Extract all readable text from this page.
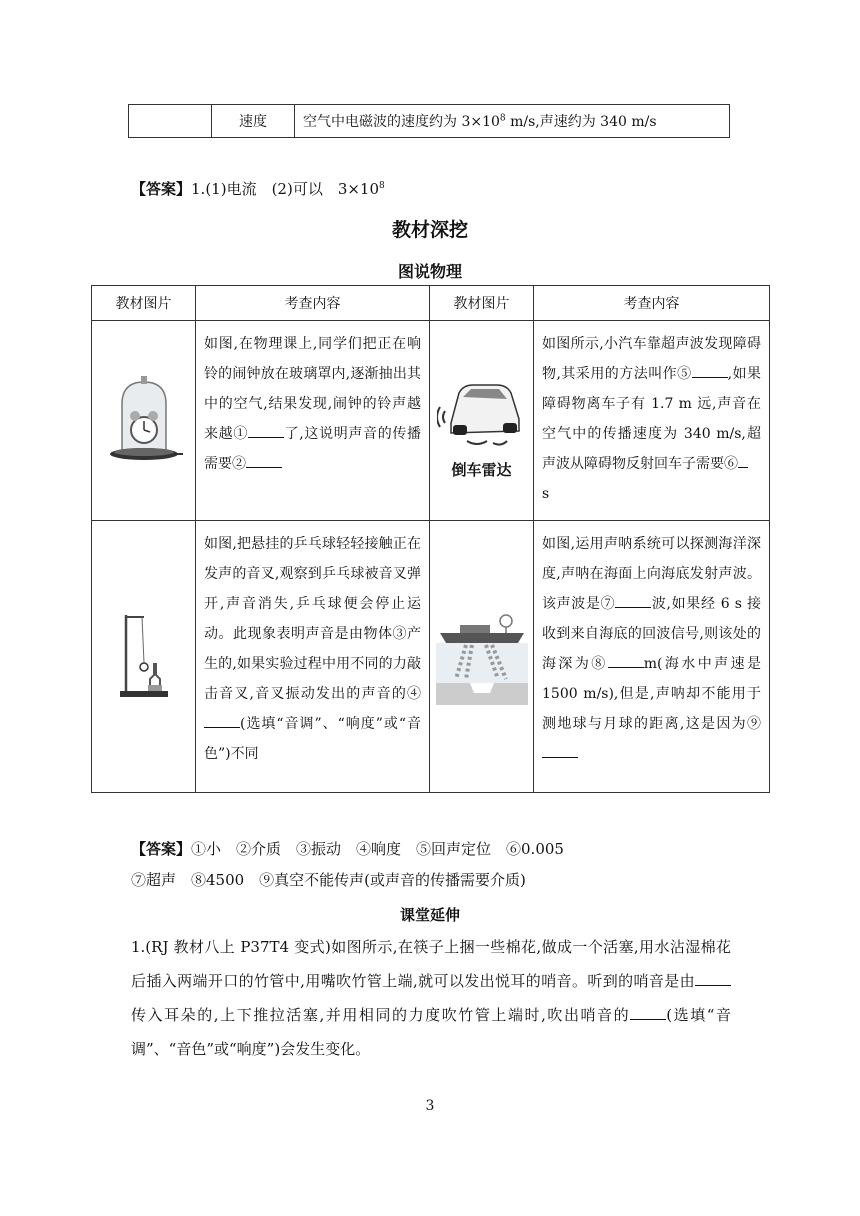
	速度	空气中电磁波的速度约为 $3\times 10^8$ m/s,声速约为 340 m/s
【答案】1.(1)电流　(2)可以　$3\times 10^8$
教材深挖
图说物理
教材图片	考查内容	教材图片	考查内容
	如图,在物理课上,同学们把正在响铃的闹钟放在玻璃罩内,逐渐抽出其中的空气,结果发现,闹钟的铃声越来越① 了,这说明声音的传播需要②	倒车雷达	如图所示,小汽车靠超声波发现障碍物,其采用的方法叫作⑤ ,如果障碍物离车子有 1.7 m 远,声音在空气中的传播速度为 340 m/s,超声波从障碍物反射回车子需要⑥
s
	如图,把悬挂的乒乓球轻轻接触正在发声的音叉,观察到乒乓球被音叉弹开,声音消失,乒乓球便会停止运动。此现象表明声音是由物体③产生的,如果实验过程中用不同的力敲击音叉,音叉振动发出的声音的④(选填“音调”、“响度”或“音色”)不同		如图,运用声呐系统可以探测海洋深度,声呐在海面上向海底发射声波。该声波是⑦ 波,如果经 6 s 接收到来自海底的回波信号,则该处的海深为⑧ m(海水中声速是 1500 m/s),但是,声呐却不能用于测地球与月球的距离,这是因为⑨
【答案】①小　②介质　③振动　④响度　⑤回声定位　⑥0.005
⑦超声　⑧4500　⑨真空不能传声(或声音的传播需要介质)
课堂延伸
1.(RJ 教材八上 P37T4 变式)如图所示,在筷子上捆一些棉花,做成一个活塞,用水沾湿棉花后插入两端开口的竹管中,用嘴吹竹管上端,就可以发出悦耳的哨音。听到的哨音是由传入耳朵的,上下推拉活塞,并用相同的力度吹竹管上端时,吹出哨音的 (选填“音调”、“音色”或“响度”)会发生变化。
3
